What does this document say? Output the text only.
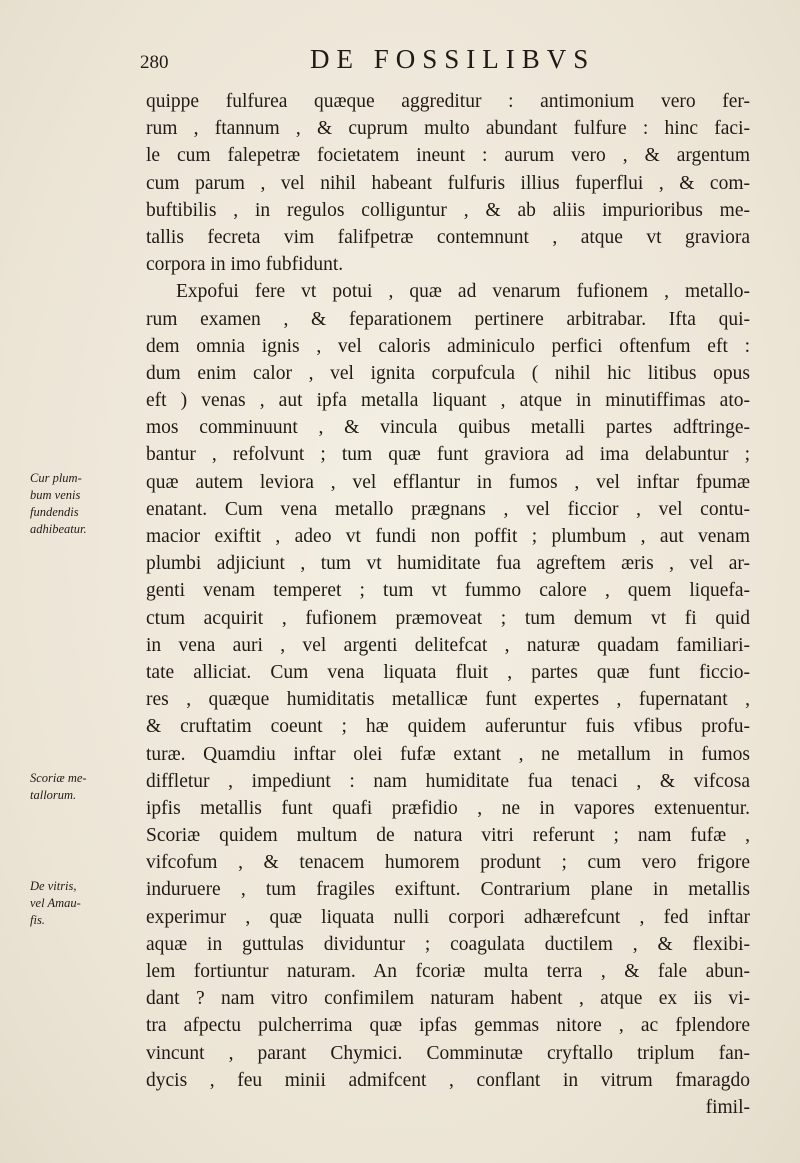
280	DE FOSSILIBVS
quippe fulfurea quæque aggreditur : antimonium vero fer-
rum , ftannum , & cuprum multo abundant fulfure : hinc faci-
le cum falepetræ focietatem ineunt : aurum vero , & argentum
cum parum , vel nihil habeant fulfuris illius fuperflui , & com-
buftibilis , in regulos colliguntur , & ab aliis impurioribus me-
tallis fecreta vim falifpetræ contemnunt , atque vt graviora
corpora in imo fubfidunt.
Expofui fere vt potui , quæ ad venarum fufionem , metallo-
rum examen , & feparationem pertinere arbitrabar. Ifta qui-
dem omnia ignis , vel caloris adminiculo perfici oftenfum eft :
dum enim calor , vel ignita corpufcula ( nihil hic litibus opus
eft ) venas , aut ipfa metalla liquant , atque in minutiffimas ato-
mos comminuunt , & vincula quibus metalli partes adftringe-
bantur , refolvunt ; tum quæ funt graviora ad ima delabuntur ;
quæ autem leviora , vel efflantur in fumos , vel inftar fpumæ
enatant. Cum vena metallo prægnans , vel ficcior , vel contu-
macior exiftit , adeo vt fundi non poffit ; plumbum , aut venam
plumbi adjiciunt , tum vt humiditate fua agreftem æris , vel ar-
genti venam temperet ; tum vt fummo calore , quem liquefa-
ctum acquirit , fufionem præmoveat ; tum demum vt fi quid
in vena auri , vel argenti delitefcat , naturæ quadam familiari-
tate alliciat. Cum vena liquata fluit , partes quæ funt ficcio-
res , quæque humiditatis metallicæ funt expertes , fupernatant ,
& cruftatim coeunt ; hæ quidem auferuntur fuis vfibus profu-
turæ. Quamdiu inftar olei fufæ extant , ne metallum in fumos
diffletur , impediunt : nam humiditate fua tenaci , & vifcosa
ipfis metallis funt quafi præfidio , ne in vapores extenuentur.
Scoriæ quidem multum de natura vitri referunt ; nam fufæ ,
vifcofum , & tenacem humorem produnt ; cum vero frigore
induruere , tum fragiles exiftunt. Contrarium plane in metallis
experimur , quæ liquata nulli corpori adhærefcunt , fed inftar
aquæ in guttulas dividuntur ; coagulata ductilem , & flexibi-
lem fortiuntur naturam. An fcoriæ multa terra , & fale abun-
dant ? nam vitro confimilem naturam habent , atque ex iis vi-
tra afpectu pulcherrima quæ ipfas gemmas nitore , ac fplendore
vincunt , parant Chymici. Comminutæ cryftallo triplum fan-
dycis , feu minii admifcent , conflant in vitrum fmaragdo
fimil-
Cur plum-
bum venis
fundendis
adhibeatur.
Scoriæ me-
tallorum.
De vitris,
vel Amau-
fis.
